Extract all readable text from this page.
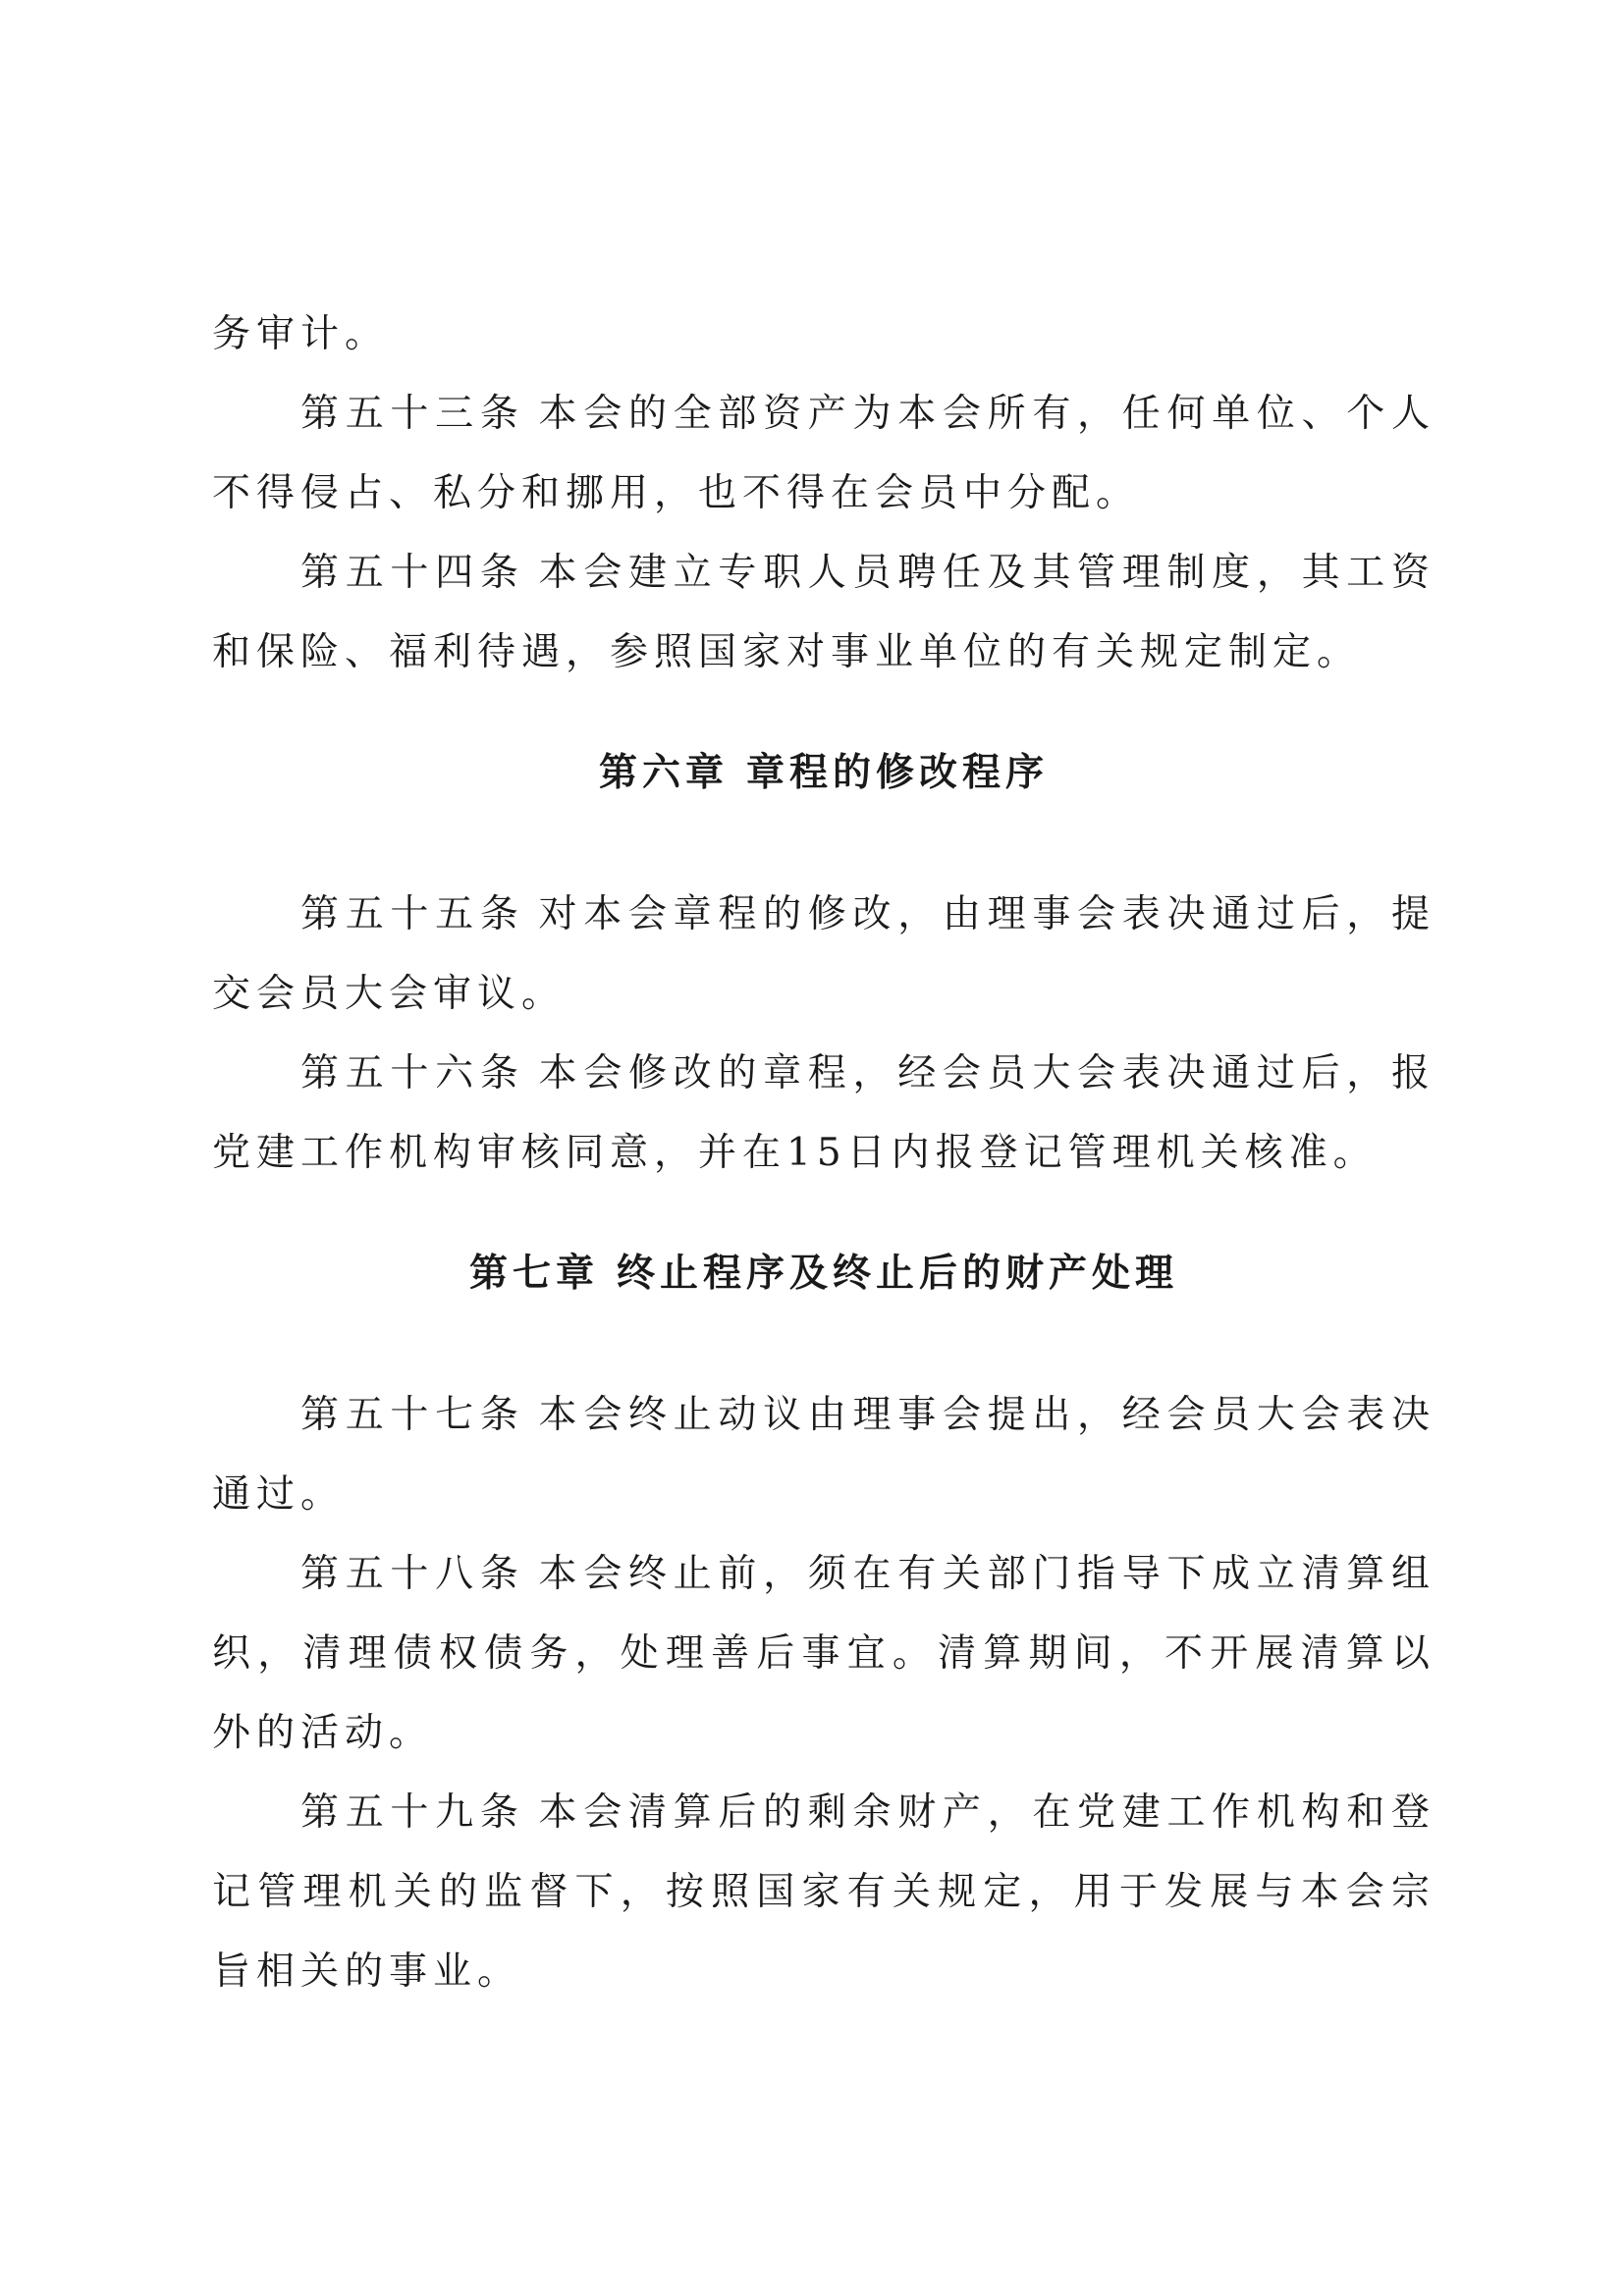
务审计。

第五十三条 本会的全部资产为本会所有，任何单位、个人不得侵占、私分和挪用，也不得在会员中分配。

第五十四条 本会建立专职人员聘任及其管理制度，其工资和保险、福利待遇，参照国家对事业单位的有关规定制定。

第六章 章程的修改程序

第五十五条 对本会章程的修改，由理事会表决通过后，提交会员大会审议。

第五十六条 本会修改的章程，经会员大会表决通过后，报党建工作机构审核同意，并在15日内报登记管理机关核准。

第七章 终止程序及终止后的财产处理

第五十七条 本会终止动议由理事会提出，经会员大会表决通过。

第五十八条 本会终止前，须在有关部门指导下成立清算组织，清理债权债务，处理善后事宜。清算期间，不开展清算以外的活动。

第五十九条 本会清算后的剩余财产，在党建工作机构和登记管理机关的监督下，按照国家有关规定，用于发展与本会宗旨相关的事业。
